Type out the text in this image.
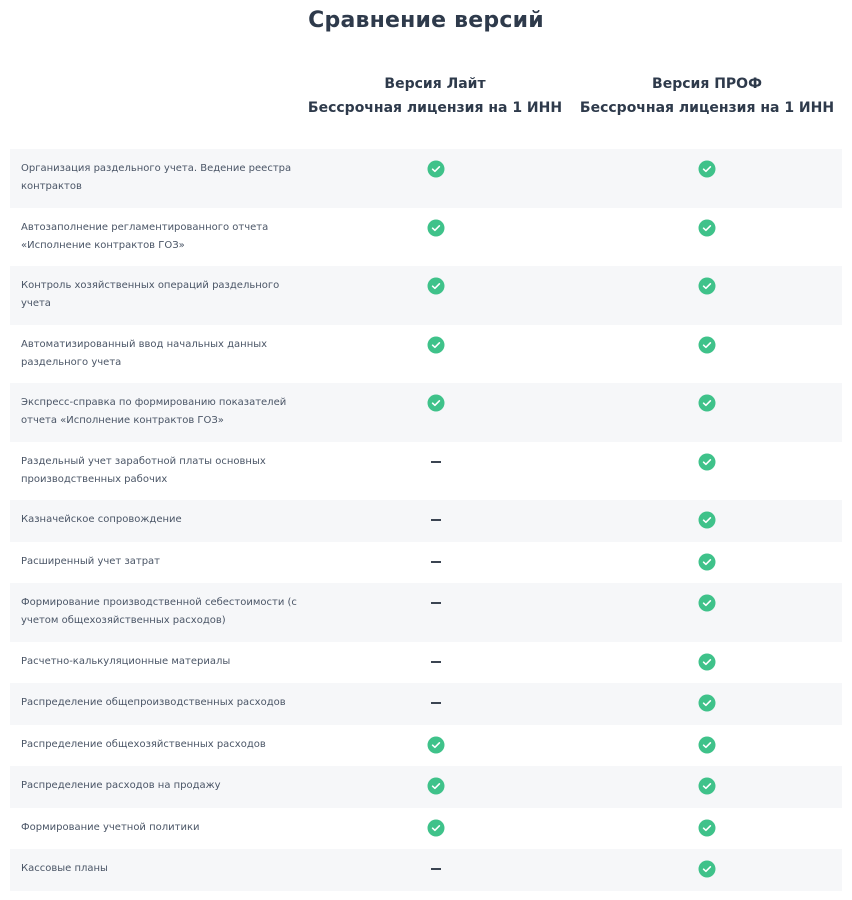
Сравнение версий
Версия Лайт
Бессрочная лицензия на 1 ИНН
Версия ПРОФ
Бессрочная лицензия на 1 ИНН
Организация раздельного учета. Ведение реестра контрактов
Автозаполнение регламентированного отчета «Исполнение контрактов ГОЗ»
Контроль хозяйственных операций раздельного учета
Автоматизированный ввод начальных данных раздельного учета
Экспресс-справка по формированию показателей отчета «Исполнение контрактов ГОЗ»
Раздельный учет заработной платы основных производственных рабочих
Казначейское сопровождение
Расширенный учет затрат
Формирование производственной себестоимости (с учетом общехозяйственных расходов)
Расчетно-калькуляционные материалы
Распределение общепроизводственных расходов
Распределение общехозяйственных расходов
Распределение расходов на продажу
Формирование учетной политики
Кассовые планы
